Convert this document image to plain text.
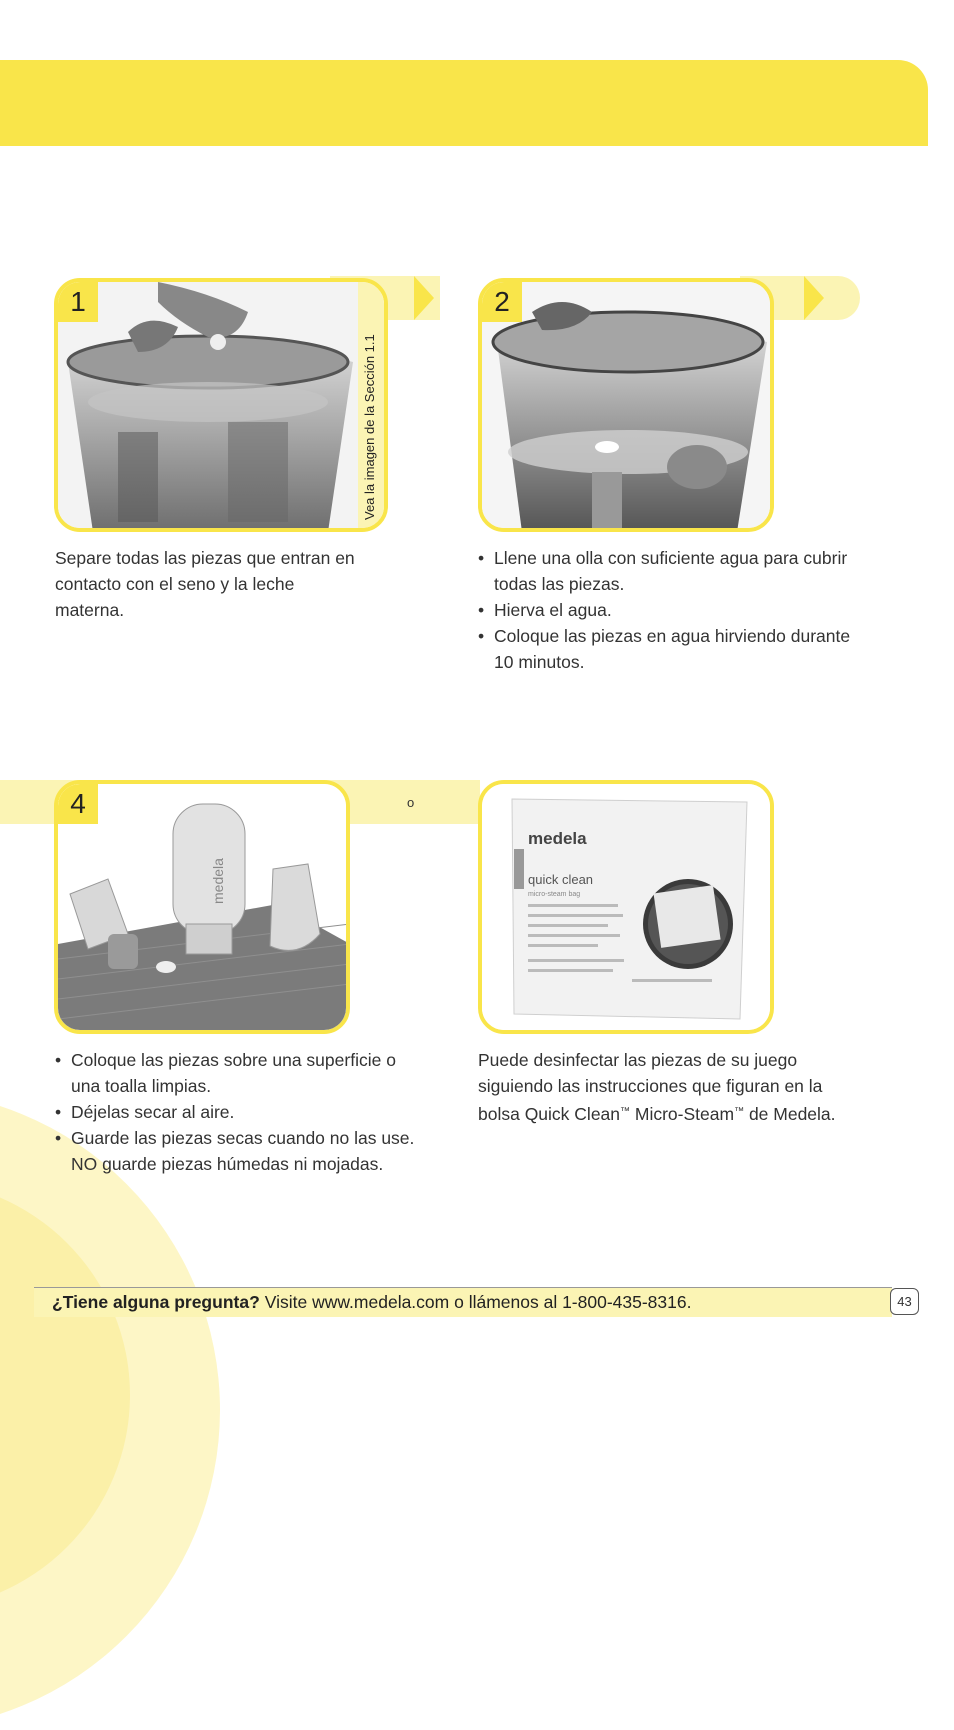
1
Vea la imagen de la Sección 1.1
2

Separe todas las piezas que entran en contacto con el seno y la leche materna.

• Llene una olla con suficiente agua para cubrir todas las piezas.
• Hierva el agua.
• Coloque las piezas en agua hirviendo durante 10 minutos.
o
4
medela
medela
quick clean
micro-steam bag
• Coloque las piezas sobre una superficie o una toalla limpias.
• Déjelas secar al aire.
• Guarde las piezas secas cuando no las use. NO guarde piezas húmedas ni mojadas.

Puede desinfectar las piezas de su juego siguiendo las instrucciones que figuran en la bolsa Quick Clean™ Micro-Steam™ de Medela.

¿Tiene alguna pregunta? Visite www.medela.com o llámenos al 1-800-435-8316.	43
